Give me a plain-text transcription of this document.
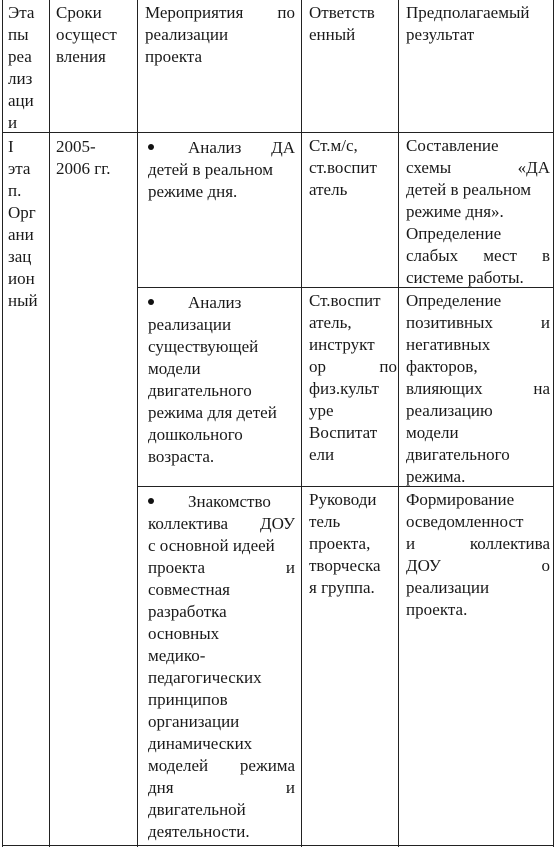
Эта
пы
реа
лиз
аци
и
Сроки
осущест
вления
Мероприятия по
реализации
проекта
Ответств
енный
Предполагаемый
результат
I
эта
п.
Орг
ани
зац
ион
ный
2005-
2006 гг.
Анализ ДА
детей в реальном
режиме дня.
Ст.м/с,
ст.воспит
атель
Составление
схемы «ДА
детей в реальном
режиме дня».
Определение
слабых мест в
системе работы.
Анализ
реализации
существующей
модели
двигательного
режима для детей
дошкольного
возраста.
Ст.воспит
атель,
инструкт
ор по
физ.культ
уре
Воспитат
ели
Определение
позитивных и
негативных
факторов,
влияющих на
реализацию
модели
двигательного
режима.
Знакомство
коллектива ДОУ
с основной идеей
проекта и
совместная
разработка
основных
медико-
педагогических
принципов
организации
динамических
моделей режима
дня и
двигательной
деятельности.
Руководи
тель
проекта,
творческа
я группа.
Формирование
осведомленност
и коллектива
ДОУ о
реализации
проекта.
